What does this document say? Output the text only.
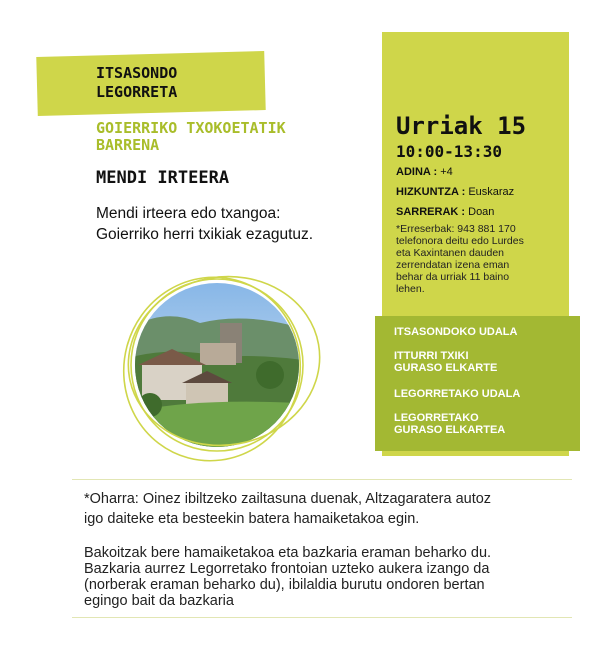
ITSASONDO
LEGORRETA
GOIERRIKO TXOKOETATIK
BARRENA
MENDI IRTEERA
Mendi irteera edo txangoa:
Goierriko herri txikiak ezagutuz.
Urriak 15
10:00-13:30
ADINA : +4
HIZKUNTZA : Euskaraz
SARRERAK : Doan
*Erreserbak: 943 881 170
telefonora deitu edo Lurdes
eta Kaxintanen dauden
zerrendatan izena eman
behar da urriak 11 baino
lehen.
ITSASONDOKO UDALA
ITTURRI TXIKI
GURASO ELKARTE
LEGORRETAKO UDALA
LEGORRETAKO
GURASO ELKARTEA
*Oharra: Oinez ibiltzeko zailtasuna duenak, Altzagaratera autoz
igo daiteke eta besteekin batera hamaiketakoa egin.
Bakoitzak bere hamaiketakoa eta bazkaria eraman beharko du.
Bazkaria aurrez Legorretako frontoian uzteko aukera izango da
(norberak eraman beharko du), ibilaldia burutu ondoren bertan
egingo bait da bazkaria
